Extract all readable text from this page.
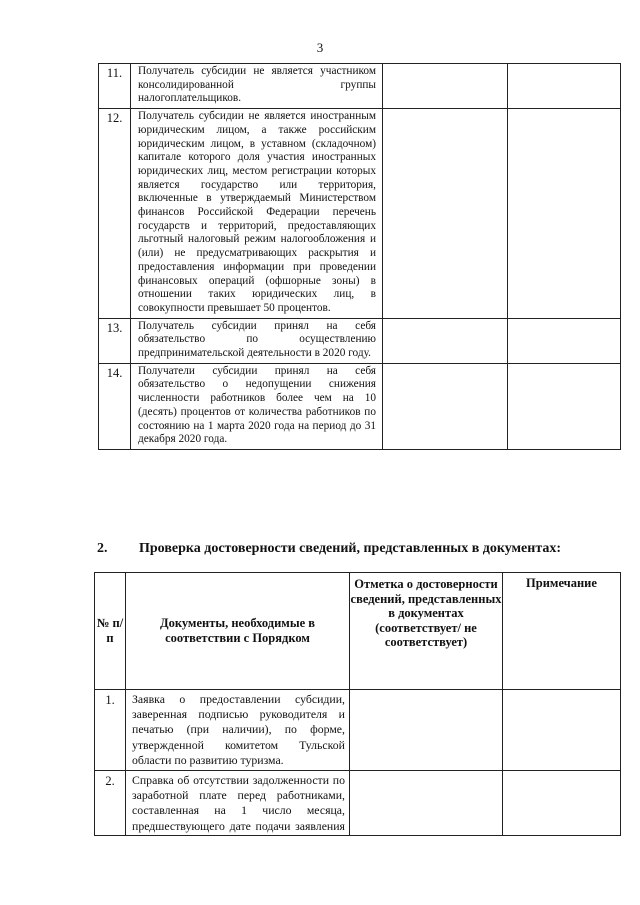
3
11.	Получатель субсидии не является участником консолидированной группы налогоплательщиков.		
12.	Получатель субсидии не является иностранным юридическим лицом, а также российским юридическим лицом, в уставном (складочном) капитале которого доля участия иностранных юридических лиц, местом регистрации которых является государство или территория, включенные в утверждаемый Министерством финансов Российской Федерации перечень государств и территорий, предоставляющих льготный налоговый режим налогообложения и (или) не предусматривающих раскрытия и предоставления информации при проведении финансовых операций (офшорные зоны) в отношении таких юридических лиц, в совокупности превышает 50 процентов.		
13.	Получатель субсидии принял на себя обязательство по осуществлению предпринимательской деятельности в 2020 году.		
14.	Получатели субсидии принял на себя обязательство о недопущении снижения численности работников более чем на 10 (десять) процентов от количества работников по состоянию на 1 марта 2020 года на период до 31 декабря 2020 года.		
2. Проверка достоверности сведений, представленных в документах:
№ п/п	Документы, необходимые в соответствии с Порядком	Отметка о достоверности сведений, представленных в документах (соответствует/ не соответствует)	Примечание
1.	Заявка о предоставлении субсидии, заверенная подписью руководителя и печатью (при наличии), по форме, утвержденной комитетом Тульской области по развитию туризма.		
2.	Справка об отсутствии задолженности по заработной плате перед работниками, составленная на 1 число месяца, предшествующего дате подачи заявления		
